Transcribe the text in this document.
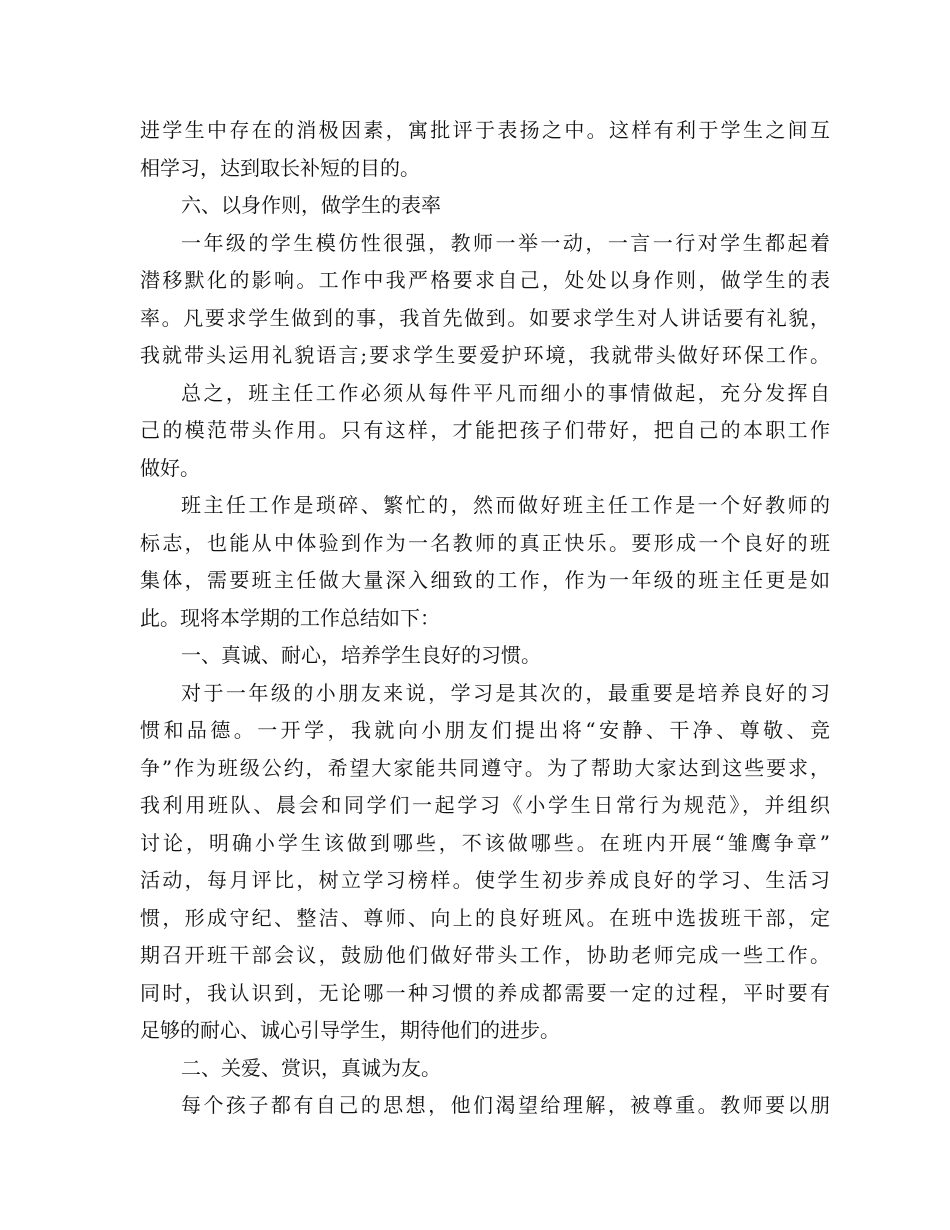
进学生中存在的消极因素，寓批评于表扬之中。这样有利于学生之间互
相学习，达到取长补短的目的。
六、以身作则，做学生的表率
一年级的学生模仿性很强，教师一举一动，一言一行对学生都起着
潜移默化的影响。工作中我严格要求自己，处处以身作则，做学生的表
率。凡要求学生做到的事，我首先做到。如要求学生对人讲话要有礼貌，
我就带头运用礼貌语言;要求学生要爱护环境，我就带头做好环保工作。
总之，班主任工作必须从每件平凡而细小的事情做起，充分发挥自
己的模范带头作用。只有这样，才能把孩子们带好，把自己的本职工作
做好。
班主任工作是琐碎、繁忙的，然而做好班主任工作是一个好教师的
标志，也能从中体验到作为一名教师的真正快乐。要形成一个良好的班
集体，需要班主任做大量深入细致的工作，作为一年级的班主任更是如
此。现将本学期的工作总结如下：
一、真诚、耐心，培养学生良好的习惯。
对于一年级的小朋友来说，学习是其次的，最重要是培养良好的习
惯和品德。一开学，我就向小朋友们提出将“安静、干净、尊敬、竞
争”作为班级公约，希望大家能共同遵守。为了帮助大家达到这些要求，
我利用班队、晨会和同学们一起学习《小学生日常行为规范》，并组织
讨论，明确小学生该做到哪些，不该做哪些。在班内开展“雏鹰争章”
活动，每月评比，树立学习榜样。使学生初步养成良好的学习、生活习
惯，形成守纪、整洁、尊师、向上的良好班风。在班中选拔班干部，定
期召开班干部会议，鼓励他们做好带头工作，协助老师完成一些工作。
同时，我认识到，无论哪一种习惯的养成都需要一定的过程，平时要有
足够的耐心、诚心引导学生，期待他们的进步。
二、关爱、赏识，真诚为友。
每个孩子都有自己的思想，他们渴望给理解，被尊重。教师要以朋
